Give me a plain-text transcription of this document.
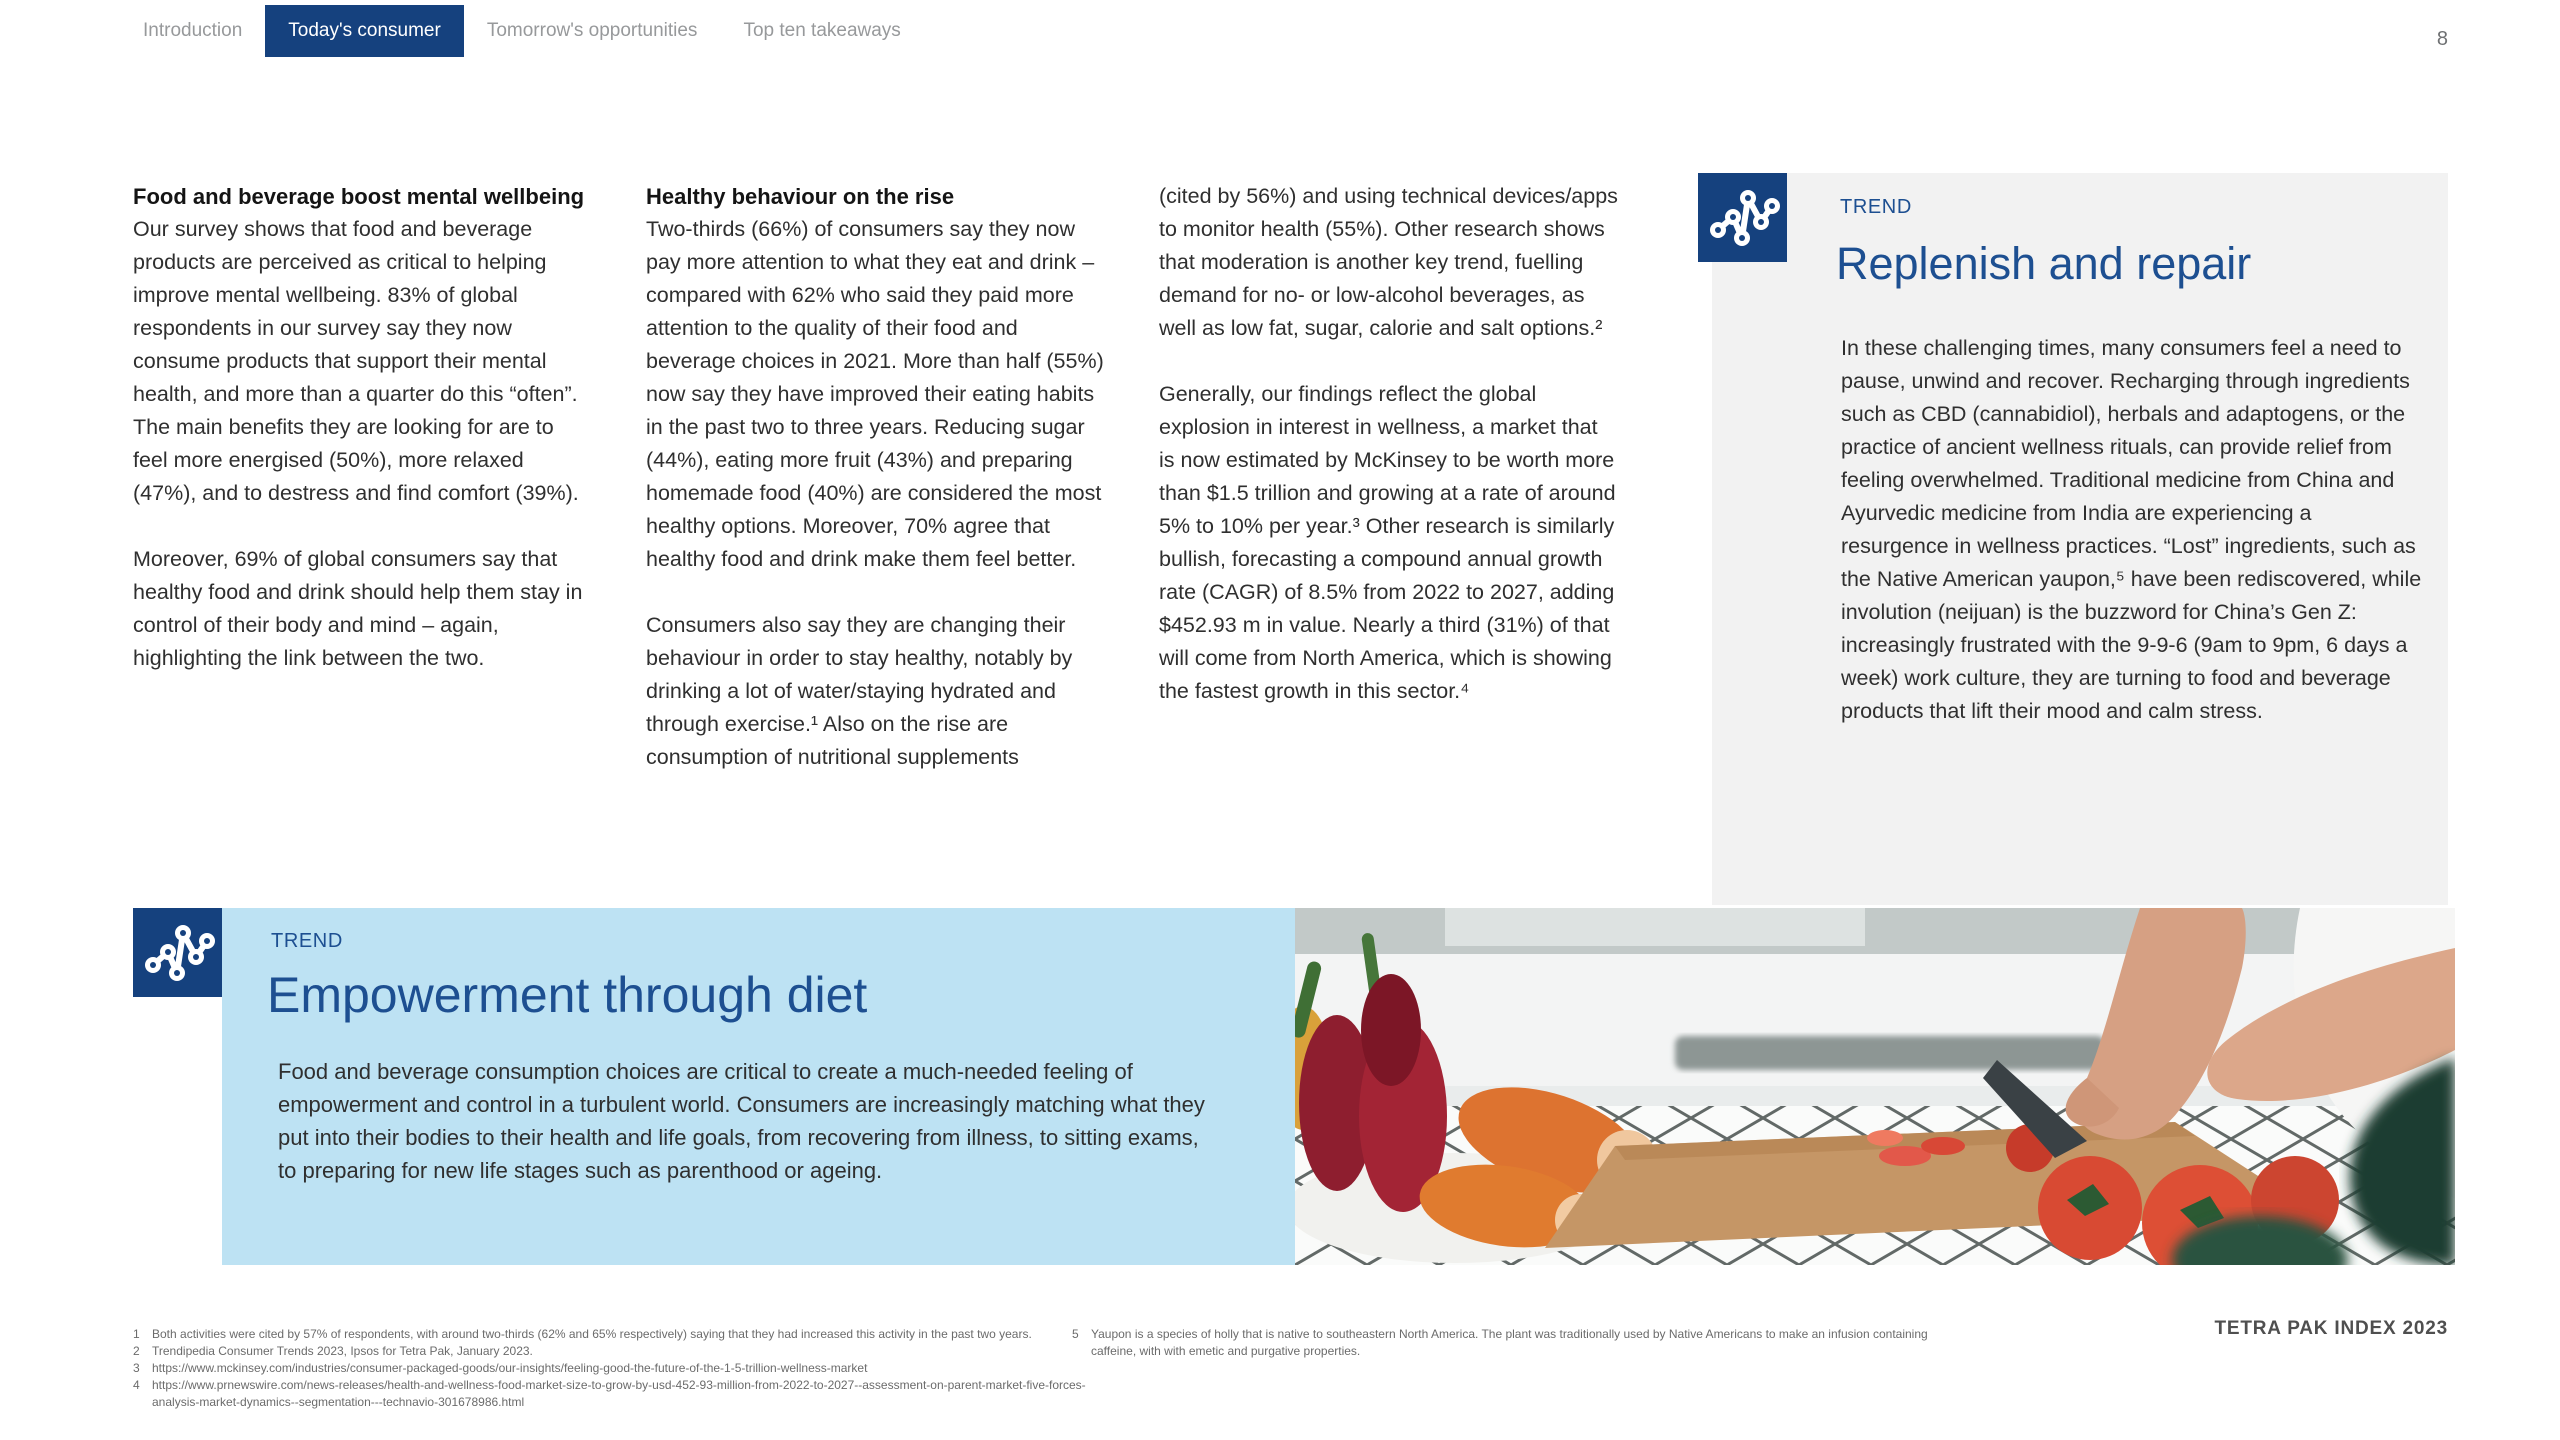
Introduction	Today's consumer	Tomorrow's opportunities	Top ten takeaways	8
Food and beverage boost mental wellbeing

Our survey shows that food and beverage products are perceived as critical to helping improve mental wellbeing. 83% of global respondents in our survey say they now consume products that support their mental health, and more than a quarter do this “often”. The main benefits they are looking for are to feel more energised (50%), more relaxed (47%), and to destress and find comfort (39%).

Moreover, 69% of global consumers say that healthy food and drink should help them stay in control of their body and mind – again, highlighting the link between the two.

Healthy behaviour on the rise

Two-thirds (66%) of consumers say they now pay more attention to what they eat and drink – compared with 62% who said they paid more attention to the quality of their food and beverage choices in 2021. More than half (55%) now say they have improved their eating habits in the past two to three years. Reducing sugar (44%), eating more fruit (43%) and preparing homemade food (40%) are considered the most healthy options. Moreover, 70% agree that healthy food and drink make them feel better.

Consumers also say they are changing their behaviour in order to stay healthy, notably by drinking a lot of water/staying hydrated and through exercise.¹ Also on the rise are consumption of nutritional supplements

(cited by 56%) and using technical devices/apps to monitor health (55%). Other research shows that moderation is another key trend, fuelling demand for no- or low-alcohol beverages, as well as low fat, sugar, calorie and salt options.²

Generally, our findings reflect the global explosion in interest in wellness, a market that is now estimated by McKinsey to be worth more than $1.5 trillion and growing at a rate of around 5% to 10% per year.³ Other research is similarly bullish, forecasting a compound annual growth rate (CAGR) of 8.5% from 2022 to 2027, adding $452.93 m in value. Nearly a third (31%) of that will come from North America, which is showing the fastest growth in this sector.⁴

TREND
Replenish and repair
In these challenging times, many consumers feel a need to pause, unwind and recover. Recharging through ingredients such as CBD (cannabidiol), herbals and adaptogens, or the practice of ancient wellness rituals, can provide relief from feeling overwhelmed. Traditional medicine from China and Ayurvedic medicine from India are experiencing a resurgence in wellness practices. “Lost” ingredients, such as the Native American yaupon,⁵ have been rediscovered, while involution (neijuan) is the buzzword for China’s Gen Z: increasingly frustrated with the 9-9-6 (9am to 9pm, 6 days a week) work culture, they are turning to food and beverage products that lift their mood and calm stress.
TREND
Empowerment through diet
Food and beverage consumption choices are critical to create a much-needed feeling of empowerment and control in a turbulent world. Consumers are increasingly matching what they put into their bodies to their health and life goals, from recovering from illness, to sitting exams, to preparing for new life stages such as parenthood or ageing.
1	Both activities were cited by 57% of respondents, with around two-thirds (62% and 65% respectively) saying that they had increased this activity in the past two years.
2	Trendipedia Consumer Trends 2023, Ipsos for Tetra Pak, January 2023.
3	https://www.mckinsey.com/industries/consumer-packaged-goods/our-insights/feeling-good-the-future-of-the-1-5-trillion-wellness-market
4	https://www.prnewswire.com/news-releases/health-and-wellness-food-market-size-to-grow-by-usd-452-93-million-from-2022-to-2027--assessment-on-parent-market-five-forces-analysis-market-dynamics--segmentation---technavio-301678986.html
5	Yaupon is a species of holly that is native to southeastern North America. The plant was traditionally used by Native Americans to make an infusion containing caffeine, with with emetic and purgative properties.
TETRA PAK INDEX 2023
